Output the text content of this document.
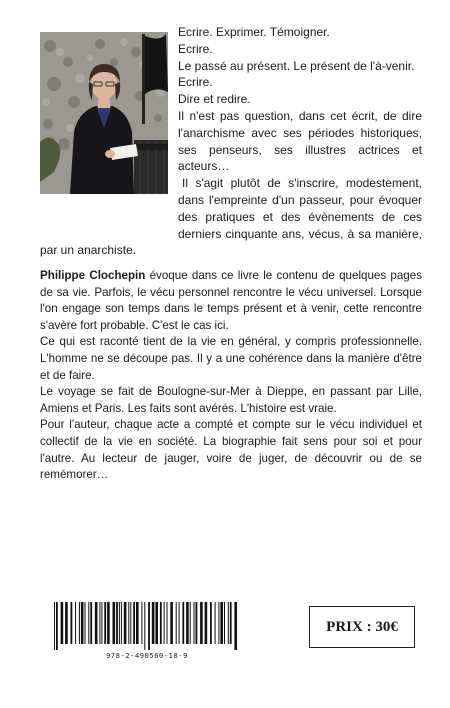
Ecrire. Exprimer. Témoigner.

Ecrire.

Le passé au présent. Le présent de l'à-venir.

Ecrire.

Dire et redire.

Il n'est pas question, dans cet écrit, de dire l'anarchisme avec ses périodes historiques, ses penseurs, ses illustres actrices et acteurs…

Il s'agit plutôt de s'inscrire, modestement, dans l'empreinte d'un passeur, pour évoquer des pratiques et des évènements de ces derniers cinquante ans, vécus, à sa manière, par un anarchiste.

Philippe Clochepin évoque dans ce livre le contenu de quelques pages de sa vie. Parfois, le vécu personnel rencontre le vécu universel. Lorsque l'on engage son temps dans le temps présent et à venir, cette rencontre s'avère fort probable. C'est le cas ici.

Ce qui est raconté tient de la vie en général, y compris professionnelle. L'homme ne se découpe pas. Il y a une cohérence dans la manière d'être et de faire.

Le voyage se fait de Boulogne-sur-Mer à Dieppe, en passant par Lille, Amiens et Paris. Les faits sont avérés. L'histoire est vraie.

Pour l'auteur, chaque acte a compté et compte sur le vécu individuel et collectif de la vie en société. La biographie fait sens pour soi et pour l'autre. Au lecteur de jauger, voire de juger, de découvrir ou de se remémorer…

978-2-490560-18-9
PRIX : 30€
